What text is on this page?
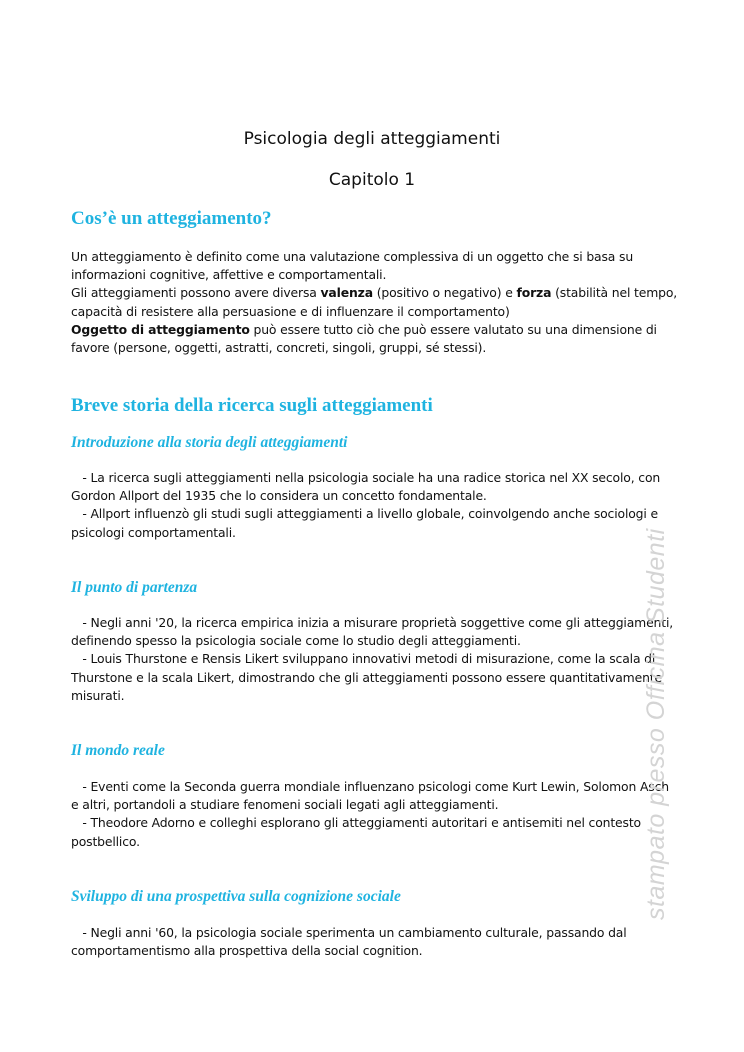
Psicologia degli atteggiamenti
Capitolo 1
Cos’è un atteggiamento?
Un atteggiamento è definito come una valutazione complessiva di un oggetto che si basa su
informazioni cognitive, affettive e comportamentali.
Gli atteggiamenti possono avere diversa valenza (positivo o negativo) e forza (stabilità nel tempo,
capacità di resistere alla persuasione e di influenzare il comportamento)
Oggetto di atteggiamento può essere tutto ciò che può essere valutato su una dimensione di
favore (persone, oggetti, astratti, concreti, singoli, gruppi, sé stessi).
Breve storia della ricerca sugli atteggiamenti
Introduzione alla storia degli atteggiamenti
- La ricerca sugli atteggiamenti nella psicologia sociale ha una radice storica nel XX secolo, con
Gordon Allport del 1935 che lo considera un concetto fondamentale.
- Allport influenzò gli studi sugli atteggiamenti a livello globale, coinvolgendo anche sociologi e
psicologi comportamentali.
Il punto di partenza
- Negli anni '20, la ricerca empirica inizia a misurare proprietà soggettive come gli atteggiamenti,
definendo spesso la psicologia sociale come lo studio degli atteggiamenti.
- Louis Thurstone e Rensis Likert sviluppano innovativi metodi di misurazione, come la scala di
Thurstone e la scala Likert, dimostrando che gli atteggiamenti possono essere quantitativamente
misurati.
Il mondo reale
- Eventi come la Seconda guerra mondiale influenzano psicologi come Kurt Lewin, Solomon Asch
e altri, portandoli a studiare fenomeni sociali legati agli atteggiamenti.
- Theodore Adorno e colleghi esplorano gli atteggiamenti autoritari e antisemiti nel contesto
postbellico.
Sviluppo di una prospettiva sulla cognizione sociale
- Negli anni '60, la psicologia sociale sperimenta un cambiamento culturale, passando dal
comportamentismo alla prospettiva della social cognition.
stampato presso Officina Studenti
